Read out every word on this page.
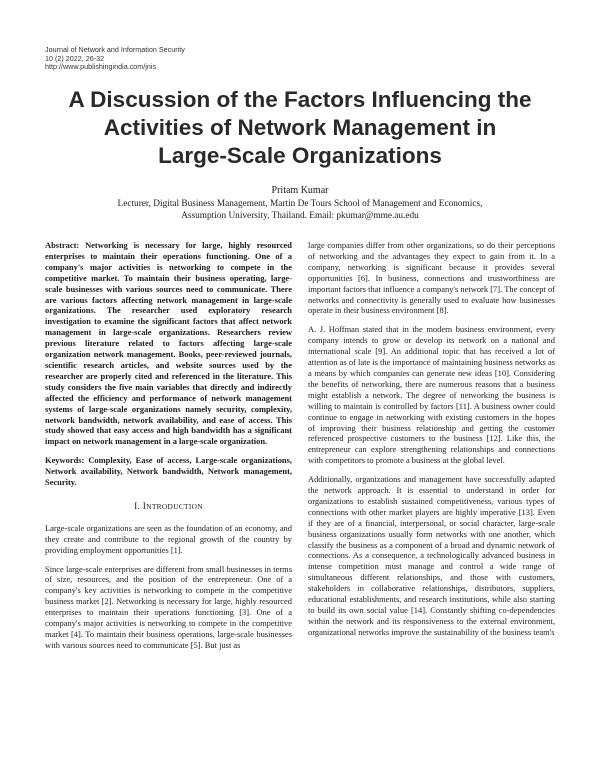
Journal of Network and Information Security
10 (2) 2022, 26-32
http://www.publishingindia.com/jnis
A Discussion of the Factors Influencing the
Activities of Network Management in
Large-Scale Organizations
Pritam Kumar
Lecturer, Digital Business Management, Martin De Tours School of Management and Economics,
Assumption University, Thailand. Email: pkumar@mme.au.edu

Abstract: Networking is necessary for large, highly resourced enterprises to maintain their operations functioning. One of a company's major activities is networking to compete in the competitive market. To maintain their business operating, large-scale businesses with various sources need to communicate. There are various factors affecting network management in large-scale organizations. The researcher used exploratory research investigation to examine the significant factors that affect network management in large-scale organizations. Researchers review previous literature related to factors affecting large-scale organization network management. Books, peer-reviewed journals, scientific research articles, and website sources used by the researcher are properly cited and referenced in the literature. This study considers the five main variables that directly and indirectly affected the efficiency and performance of network management systems of large-scale organizations namely security, complexity, network bandwidth, network availability, and ease of access. This study showed that easy access and high bandwidth has a significant impact on network management in a large-scale organization.

Keywords: Complexity, Ease of access, Large-scale organizations, Network availability, Network bandwidth, Network management, Security.

I. INTRODUCTION

Large-scale organizations are seen as the foundation of an economy, and they create and contribute to the regional growth of the country by providing employment opportunities [1].

Since large-scale enterprises are different from small businesses in terms of size, resources, and the position of the entrepreneur. One of a company's key activities is networking to compete in the competitive business market [2]. Networking is necessary for large, highly resourced enterprises to maintain their operations functioning [3]. One of a company's major activities is networking to compete in the competitive market [4]. To maintain their business operations, large-scale businesses with various sources need to communicate [5]. But just as

large companies differ from other organizations, so do their perceptions of networking and the advantages they expect to gain from it. In a company, networking is significant because it provides several opportunities [6]. In business, connections and trustworthiness are important factors that influence a company's network [7]. The concept of networks and connectivity is generally used to evaluate how businesses operate in their business environment [8].

A. J. Hoffman stated that in the modern business environment, every company intends to grow or develop its network on a national and international scale [9]. An additional topic that has received a lot of attention as of late is the importance of maintaining business networks as a means by which companies can generate new ideas [10]. Considering the benefits of networking, there are numerous reasons that a business might establish a network. The degree of networking the business is willing to maintain is controlled by factors [11]. A business owner could continue to engage in networking with existing customers in the hopes of improving their business relationship and getting the customer referenced prospective customers to the business [12]. Like this, the entrepreneur can explore strengthening relationships and connections with competitors to promote a business at the global level.

Additionally, organizations and management have successfully adapted the network approach. It is essential to understand in order for organizations to establish sustained competitiveness, various types of connections with other market players are highly imperative [13]. Even if they are of a financial, interpersonal, or social character, large-scale business organizations usually form networks with one another, which classify the business as a component of a broad and dynamic network of connections. As a consequence, a technologically advanced business in intense competition must manage and control a wide range of simultaneous different relationships, and those with customers, stakeholders in collaborative relationships, distributors, suppliers, educational establishments, and research institutions, while also starting to build its own social value [14]. Constantly shifting co-dependencies within the network and its responsiveness to the external environment, organizational networks improve the sustainability of the business team's
